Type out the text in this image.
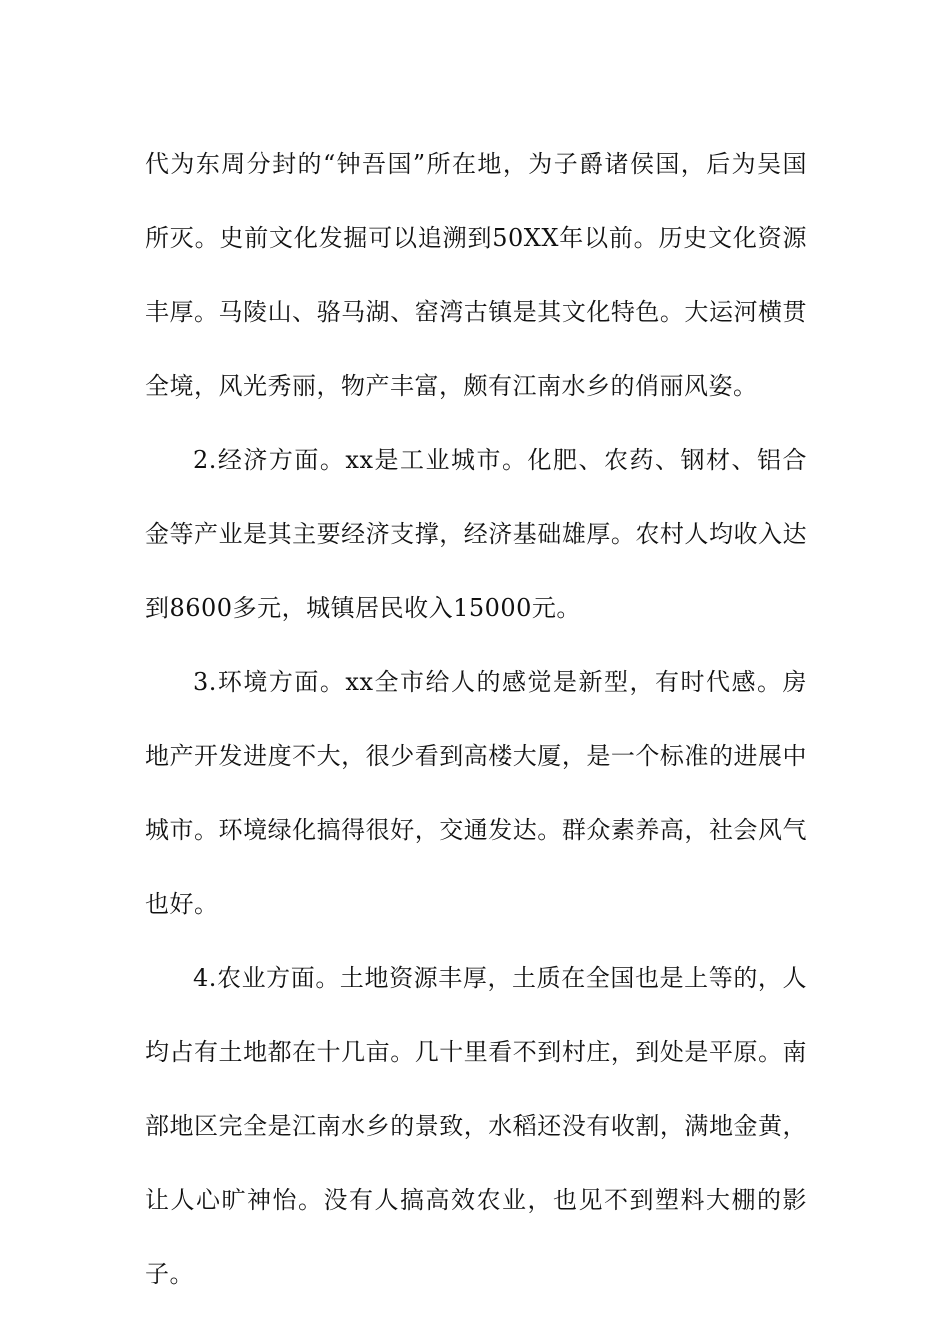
代为东周分封的“钟吾国”所在地，为子爵诸侯国，后为吴国所灭。史前文化发掘可以追溯到50XX年以前。历史文化资源丰厚。马陵山、骆马湖、窑湾古镇是其文化特色。大运河横贯全境，风光秀丽，物产丰富，颇有江南水乡的俏丽风姿。

2.经济方面。xx是工业城市。化肥、农药、钢材、铝合金等产业是其主要经济支撑，经济基础雄厚。农村人均收入达到8600多元，城镇居民收入15000元。

3.环境方面。xx全市给人的感觉是新型，有时代感。房地产开发进度不大，很少看到高楼大厦，是一个标准的进展中城市。环境绿化搞得很好，交通发达。群众素养高，社会风气也好。

4.农业方面。土地资源丰厚，土质在全国也是上等的，人均占有土地都在十几亩。几十里看不到村庄，到处是平原。南部地区完全是江南水乡的景致，水稻还没有收割，满地金黄，让人心旷神怡。没有人搞高效农业，也见不到塑料大棚的影子。
